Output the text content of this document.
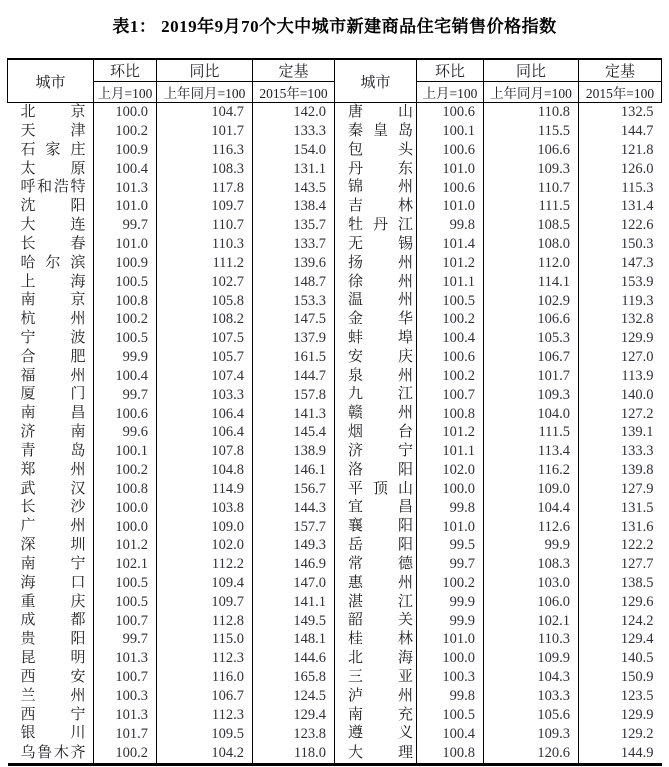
表1： 2019年9月70个大中城市新建商品住宅销售价格指数
城市	环比	同比	定基	城市	环比	同比	定基
	上月=100	上年同月=100	2015年=100		上月=100	上年同月=100	2015年=100

北 京	100.0	104.7	142.0	唐 山	100.6	110.8	132.5

天 津	100.2	101.7	133.3	秦 皇 岛	100.1	115.5	144.7

石 家 庄	100.9	116.3	154.0	包 头	100.6	106.6	121.8

太 原	100.4	108.3	131.1	丹 东	101.0	109.3	126.0

呼 和 浩 特	101.3	117.8	143.5	锦 州	100.6	110.7	115.3

沈 阳	101.0	109.7	138.4	吉 林	101.0	111.5	131.4

大 连	99.7	110.7	135.7	牡 丹 江	99.8	108.5	122.6

长 春	101.0	110.3	133.7	无 锡	101.4	108.0	150.3

哈 尔 滨	100.9	111.2	139.6	扬 州	101.2	112.0	147.3

上 海	100.5	102.7	148.7	徐 州	101.1	114.1	153.9

南 京	100.8	105.8	153.3	温 州	100.5	102.9	119.3

杭 州	100.2	108.2	147.5	金 华	100.2	106.6	132.8

宁 波	100.5	107.5	137.9	蚌 埠	100.4	105.3	129.9

合 肥	99.9	105.7	161.5	安 庆	100.6	106.7	127.0

福 州	100.4	107.4	144.7	泉 州	100.2	101.7	113.9

厦 门	99.7	103.3	157.8	九 江	100.7	109.3	140.0

南 昌	100.6	106.4	141.3	赣 州	100.8	104.0	127.2

济 南	99.6	106.4	145.4	烟 台	101.2	111.5	139.1

青 岛	100.1	107.8	138.9	济 宁	101.1	113.4	133.3

郑 州	100.2	104.8	146.1	洛 阳	102.0	116.2	139.8

武 汉	100.8	114.9	156.7	平 顶 山	100.0	109.0	127.9

长 沙	100.0	103.8	144.3	宜 昌	99.8	104.4	131.5

广 州	100.0	109.0	157.7	襄 阳	101.0	112.6	131.6

深 圳	101.2	102.0	149.3	岳 阳	99.5	99.9	122.2

南 宁	102.1	112.2	146.9	常 德	99.7	108.3	127.7

海 口	100.5	109.4	147.0	惠 州	100.2	103.0	138.5

重 庆	100.5	109.7	141.1	湛 江	99.9	106.0	129.6

成 都	100.7	112.8	149.5	韶 关	99.9	102.1	124.2

贵 阳	99.7	115.0	148.1	桂 林	101.0	110.3	129.4

昆 明	101.3	112.3	144.6	北 海	100.0	109.9	140.5

西 安	100.7	116.0	165.8	三 亚	100.3	104.3	150.9

兰 州	100.3	106.7	124.5	泸 州	99.8	103.3	123.5

西 宁	101.3	112.3	129.4	南 充	100.5	105.6	129.9

银 川	101.7	109.5	123.8	遵 义	100.4	109.3	129.2

乌 鲁 木 齐	100.2	104.2	118.0	大 理	100.8	120.6	144.9
